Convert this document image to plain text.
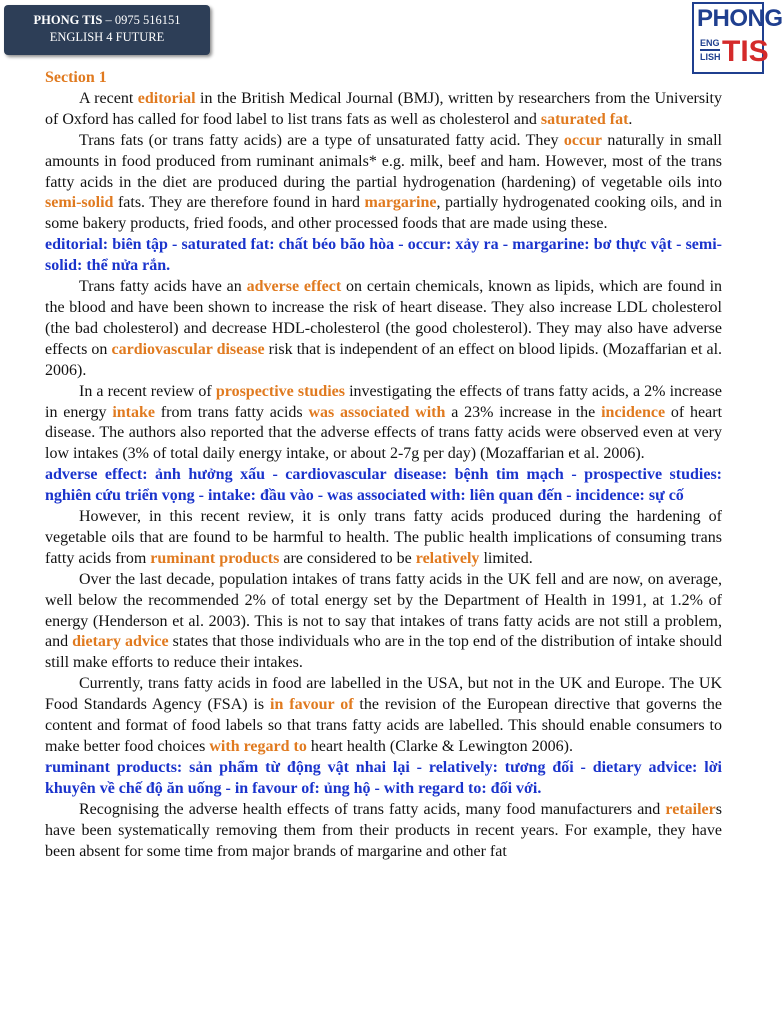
PHONG TIS – 0975 516151
ENGLISH 4 FUTURE
PHONG
ENG
LISH TIS

Section 1

A recent editorial in the British Medical Journal (BMJ), written by researchers from the University of Oxford has called for food label to list trans fats as well as cholesterol and saturated fat.

Trans fats (or trans fatty acids) are a type of unsaturated fatty acid. They occur naturally in small amounts in food produced from ruminant animals* e.g. milk, beef and ham. However, most of the trans fatty acids in the diet are produced during the partial hydrogenation (hardening) of vegetable oils into semi-solid fats. They are therefore found in hard margarine, partially hydrogenated cooking oils, and in some bakery products, fried foods, and other processed foods that are made using these.

editorial: biên tập - saturated fat: chất béo bão hòa - occur: xảy ra - margarine: bơ thực vật - semi-solid: thể nửa rắn.

Trans fatty acids have an adverse effect on certain chemicals, known as lipids, which are found in the blood and have been shown to increase the risk of heart disease. They also increase LDL cholesterol (the bad cholesterol) and decrease HDL-cholesterol (the good cholesterol). They may also have adverse effects on cardiovascular disease risk that is independent of an effect on blood lipids. (Mozaffarian et al. 2006).

In a recent review of prospective studies investigating the effects of trans fatty acids, a 2% increase in energy intake from trans fatty acids was associated with a 23% increase in the incidence of heart disease. The authors also reported that the adverse effects of trans fatty acids were observed even at very low intakes (3% of total daily energy intake, or about 2-7g per day) (Mozaffarian et al. 2006).

adverse effect: ảnh hưởng xấu - cardiovascular disease: bệnh tim mạch - prospective studies: nghiên cứu triển vọng - intake: đầu vào - was associated with: liên quan đến - incidence: sự cố

However, in this recent review, it is only trans fatty acids produced during the hardening of vegetable oils that are found to be harmful to health. The public health implications of consuming trans fatty acids from ruminant products are considered to be relatively limited.

Over the last decade, population intakes of trans fatty acids in the UK fell and are now, on average, well below the recommended 2% of total energy set by the Department of Health in 1991, at 1.2% of energy (Henderson et al. 2003). This is not to say that intakes of trans fatty acids are not still a problem, and dietary advice states that those individuals who are in the top end of the distribution of intake should still make efforts to reduce their intakes.

Currently, trans fatty acids in food are labelled in the USA, but not in the UK and Europe. The UK Food Standards Agency (FSA) is in favour of the revision of the European directive that governs the content and format of food labels so that trans fatty acids are labelled. This should enable consumers to make better food choices with regard to heart health (Clarke & Lewington 2006).

ruminant products: sản phẩm từ động vật nhai lại - relatively: tương đối - dietary advice: lời khuyên về chế độ ăn uống - in favour of: ủng hộ - with regard to: đối với.

Recognising the adverse health effects of trans fatty acids, many food manufacturers and retailers have been systematically removing them from their products in recent years. For example, they have been absent for some time from major brands of margarine and other fat
